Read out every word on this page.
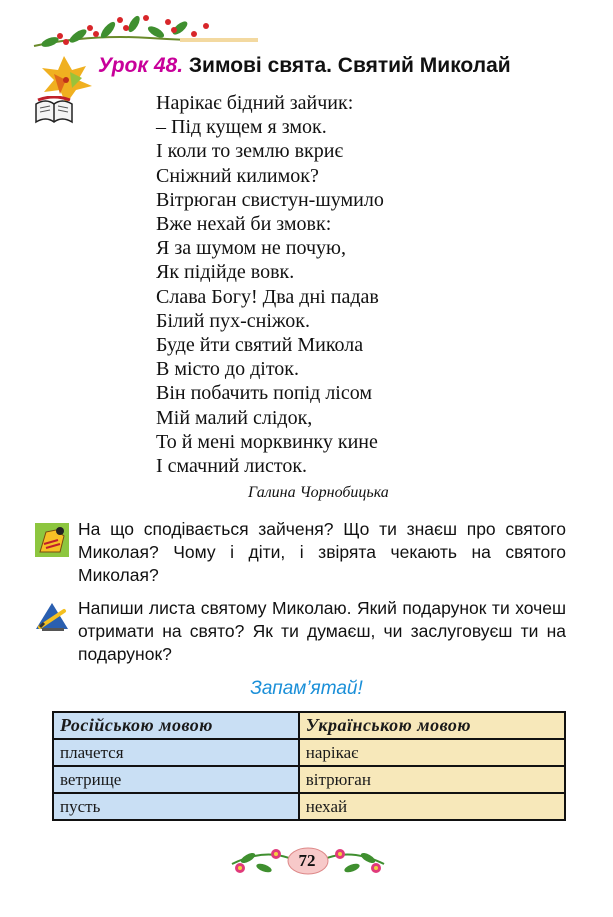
Урок 48. Зимові свята. Святий Миколай
Нарікає бідний зайчик:
– Під кущем я змок.
І коли то землю вкриє
Сніжний килимок?
Вітрюган свистун-шумило
Вже нехай би змовк:
Я за шумом не почую,
Як підійде вовк.
Слава Богу! Два дні падав
Білий пух-сніжок.
Буде йти святий Микола
В місто до діток.
Він побачить попід лісом
Мій малий слідок,
То й мені морквинку кине
І смачний листок.
Галина Чорнобицька
На що сподівається зайченя? Що ти знаєш про святого Миколая? Чому і діти, і звірята чекають на святого Миколая?
Напиши листа святому Миколаю. Який подарунок ти хочеш отримати на свято? Як ти думаєш, чи заслуговуєш ти на подарунок?
Запам’ятай!
Російською мовою	Українською мовою
плачется	нарікає
ветрище	вітрюган
пусть	нехай
72
